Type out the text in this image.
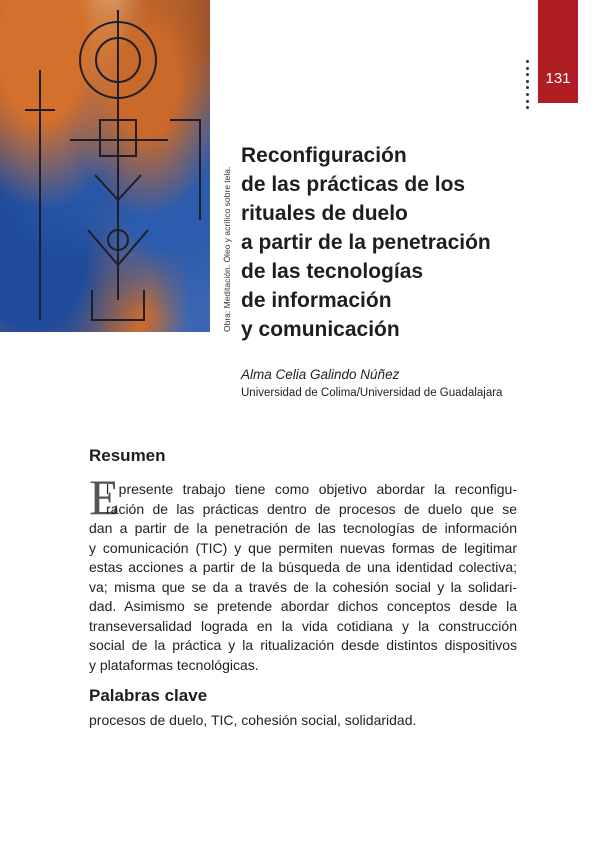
Obra: Meditación. Óleo y acrílico sobre tela.
131
Reconfiguración
de las prácticas de los
rituales de duelo
a partir de la penetración
de las tecnologías
de información
y comunicación
Alma Celia Galindo Núñez
Universidad de Colima/Universidad de Guadalajara
Resumen
E
l presente trabajo tiene como objetivo abordar la reconfigu-
ración de las prácticas dentro de procesos de duelo que se
dan a partir de la penetración de las tecnologías de información
y comunicación (TIC) y que permiten nuevas formas de legitimar
estas acciones a partir de la búsqueda de una identidad colectiva;
va; misma que se da a través de la cohesión social y la solidari-
dad. Asimismo se pretende abordar dichos conceptos desde la
transeversalidad lograda en la vida cotidiana y la construcción
social de la práctica y la ritualización desde distintos dispositivos
y plataformas tecnológicas.
Palabras clave
procesos de duelo, TIC, cohesión social, solidaridad.
